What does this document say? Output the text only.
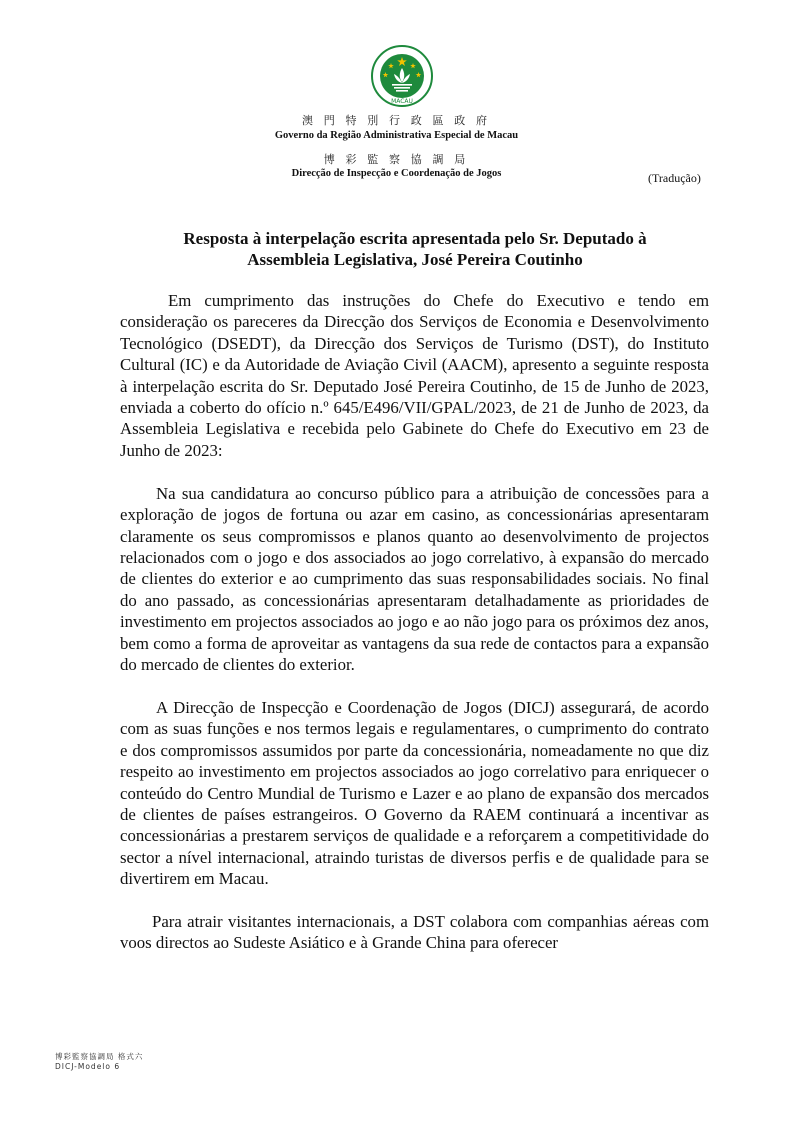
MACAU
澳 門 特 別 行 政 區 政 府
Governo da Região Administrativa Especial de Macau
博 彩 監 察 協 調 局
Direcção de Inspecção e Coordenação de Jogos	(Tradução)
Resposta à interpelação escrita apresentada pelo Sr. Deputado à
Assembleia Legislativa, José Pereira Coutinho

Em cumprimento das instruções do Chefe do Executivo e tendo em consideração os pareceres da Direcção dos Serviços de Economia e Desenvolvimento Tecnológico (DSEDT), da Direcção dos Serviços de Turismo (DST), do Instituto Cultural (IC) e da Autoridade de Aviação Civil (AACM), apresento a seguinte resposta à interpelação escrita do Sr. Deputado José Pereira Coutinho, de 15 de Junho de 2023, enviada a coberto do ofício n.º 645/E496/VII/GPAL/2023, de 21 de Junho de 2023, da Assembleia Legislativa e recebida pelo Gabinete do Chefe do Executivo em 23 de Junho de 2023:

Na sua candidatura ao concurso público para a atribuição de concessões para a exploração de jogos de fortuna ou azar em casino, as concessionárias apresentaram claramente os seus compromissos e planos quanto ao desenvolvimento de projectos relacionados com o jogo e dos associados ao jogo correlativo, à expansão do mercado de clientes do exterior e ao cumprimento das suas responsabilidades sociais. No final do ano passado, as concessionárias apresentaram detalhadamente as prioridades de investimento em projectos associados ao jogo e ao não jogo para os próximos dez anos, bem como a forma de aproveitar as vantagens da sua rede de contactos para a expansão do mercado de clientes do exterior.

A Direcção de Inspecção e Coordenação de Jogos (DICJ) assegurará, de acordo com as suas funções e nos termos legais e regulamentares, o cumprimento do contrato e dos compromissos assumidos por parte da concessionária, nomeadamente no que diz respeito ao investimento em projectos associados ao jogo correlativo para enriquecer o conteúdo do Centro Mundial de Turismo e Lazer e ao plano de expansão dos mercados de clientes de países estrangeiros. O Governo da RAEM continuará a incentivar as concessionárias a prestarem serviços de qualidade e a reforçarem a competitividade do sector a nível internacional, atraindo turistas de diversos perfis e de qualidade para se divertirem em Macau.

Para atrair visitantes internacionais, a DST colabora com companhias aéreas com voos directos ao Sudeste Asiático e à Grande China para oferecer

博彩監察協調局 格式六
DICJ-Modelo 6
